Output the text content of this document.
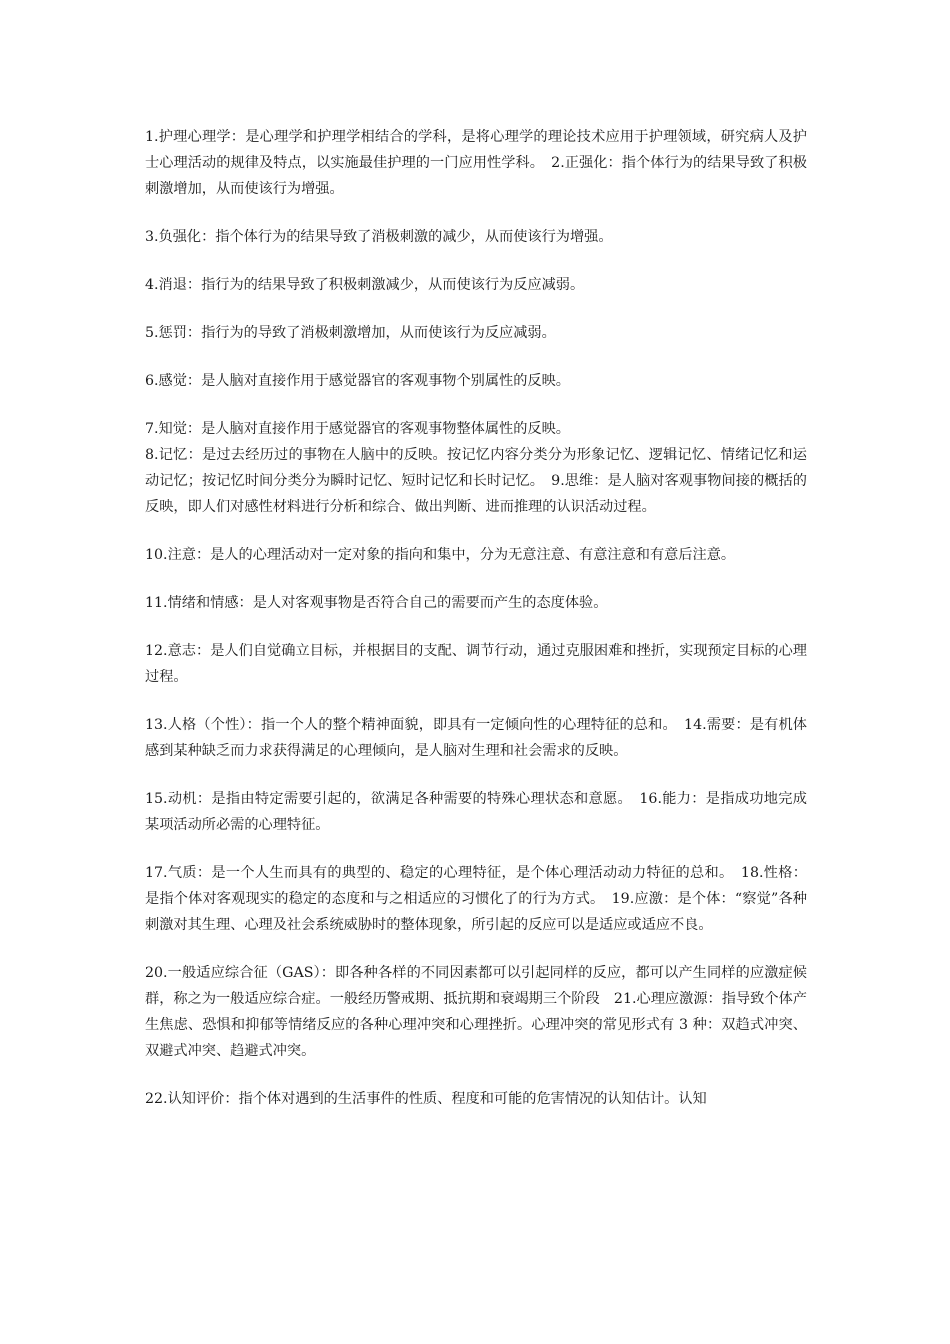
1.护理心理学：是心理学和护理学相结合的学科，是将心理学的理论技术应用于护理领域，研究病人及护士心理活动的规律及特点，以实施最佳护理的一门应用性学科。　2.正强化：指个体行为的结果导致了积极刺激增加，从而使该行为增强。

3.负强化：指个体行为的结果导致了消极刺激的减少，从而使该行为增强。

4.消退：指行为的结果导致了积极刺激减少，从而使该行为反应减弱。

5.惩罚：指行为的导致了消极刺激增加，从而使该行为反应减弱。

6.感觉：是人脑对直接作用于感觉器官的客观事物个别属性的反映。

7.知觉：是人脑对直接作用于感觉器官的客观事物整体属性的反映。

8.记忆：是过去经历过的事物在人脑中的反映。按记忆内容分类分为形象记忆、逻辑记忆、情绪记忆和运动记忆；按记忆时间分类分为瞬时记忆、短时记忆和长时记忆。　9.思维：是人脑对客观事物间接的概括的反映，即人们对感性材料进行分析和综合、做出判断、进而推理的认识活动过程。

10.注意：是人的心理活动对一定对象的指向和集中，分为无意注意、有意注意和有意后注意。

11.情绪和情感：是人对客观事物是否符合自己的需要而产生的态度体验。

12.意志：是人们自觉确立目标，并根据目的支配、调节行动，通过克服困难和挫折，实现预定目标的心理过程。

13.人格（个性）：指一个人的整个精神面貌，即具有一定倾向性的心理特征的总和。　14.需要：是有机体感到某种缺乏而力求获得满足的心理倾向，是人脑对生理和社会需求的反映。

15.动机：是指由特定需要引起的，欲满足各种需要的特殊心理状态和意愿。　16.能力：是指成功地完成某项活动所必需的心理特征。

17.气质：是一个人生而具有的典型的、稳定的心理特征，是个体心理活动动力特征的总和。　18.性格：是指个体对客观现实的稳定的态度和与之相适应的习惯化了的行为方式。　19.应激：是个体：“察觉”各种刺激对其生理、心理及社会系统威胁时的整体现象，所引起的反应可以是适应或适应不良。

20.一般适应综合征（GAS）：即各种各样的不同因素都可以引起同样的反应，都可以产生同样的应激症候群，称之为一般适应综合症。一般经历警戒期、抵抗期和衰竭期三个阶段　21.心理应激源：指导致个体产生焦虑、恐惧和抑郁等情绪反应的各种心理冲突和心理挫折。心理冲突的常见形式有 3 种：双趋式冲突、双避式冲突、趋避式冲突。

22.认知评价：指个体对遇到的生活事件的性质、程度和可能的危害情况的认知估计。认知
